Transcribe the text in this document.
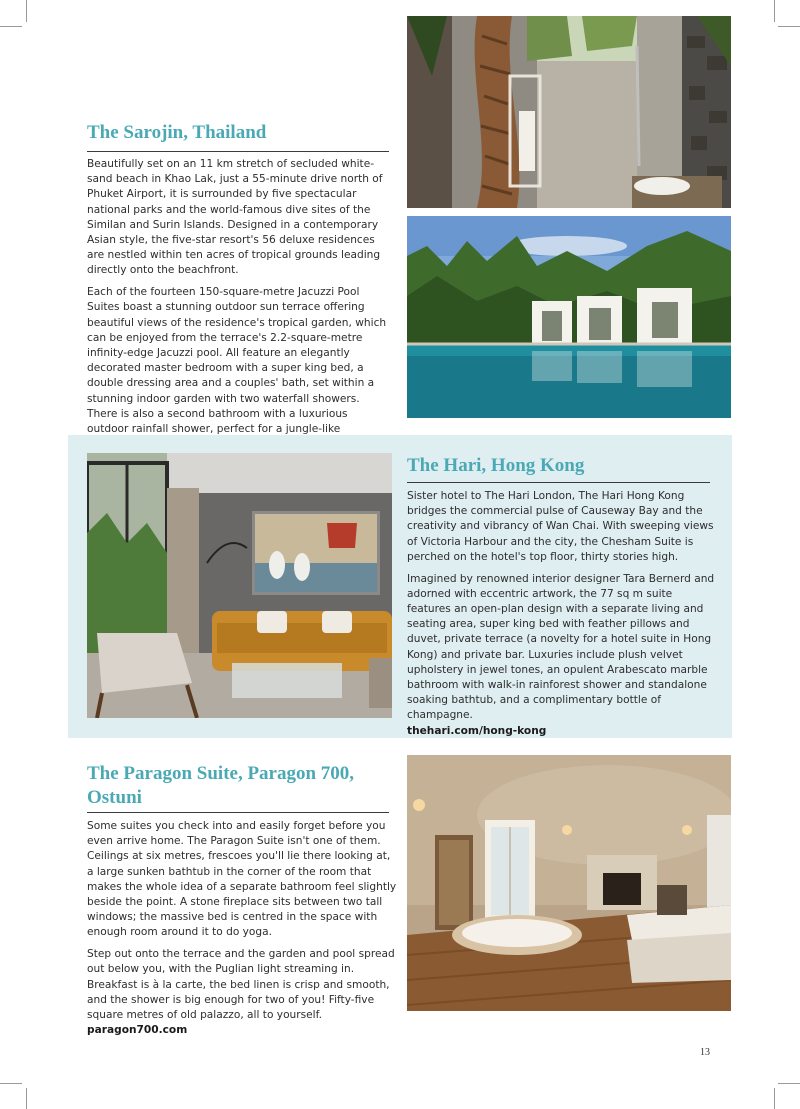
The Sarojin, Thailand

Beautifully set on an 11 km stretch of secluded white-sand beach in Khao Lak, just a 55-minute drive north of Phuket Airport, it is surrounded by five spectacular national parks and the world-famous dive sites of the Similan and Surin Islands. Designed in a contemporary Asian style, the five-star resort's 56 deluxe residences are nestled within ten acres of tropical grounds leading directly onto the beachfront.

Each of the fourteen 150-square-metre Jacuzzi Pool Suites boast a stunning outdoor sun terrace offering beautiful views of the residence's tropical garden, which can be enjoyed from the terrace's 2.2-square-metre infinity-edge Jacuzzi pool. All feature an elegantly decorated master bedroom with a super king bed, a double dressing area and a couples' bath, set within a stunning indoor garden with two waterfall showers. There is also a second bathroom with a luxurious outdoor rainfall shower, perfect for a jungle-like

The Hari, Hong Kong

Sister hotel to The Hari London, The Hari Hong Kong bridges the commercial pulse of Causeway Bay and the creativity and vibrancy of Wan Chai. With sweeping views of Victoria Harbour and the city, the Chesham Suite is perched on the hotel's top floor, thirty stories high.

Imagined by renowned interior designer Tara Bernerd and adorned with eccentric artwork, the 77 sq m suite features an open-plan design with a separate living and seating area, super king bed with feather pillows and duvet, private terrace (a novelty for a hotel suite in Hong Kong) and private bar. Luxuries include plush velvet upholstery in jewel tones, an opulent Arabescato marble bathroom with walk-in rainforest shower and standalone soaking bathtub, and a complimentary bottle of champagne.
thehari.com/hong-kong

The Paragon Suite, Paragon 700,
Ostuni

Some suites you check into and easily forget before you even arrive home. The Paragon Suite isn't one of them. Ceilings at six metres, frescoes you'll lie there looking at, a large sunken bathtub in the corner of the room that makes the whole idea of a separate bathroom feel slightly beside the point. A stone fireplace sits between two tall windows; the massive bed is centred in the space with enough room around it to do yoga.

Step out onto the terrace and the garden and pool spread out below you, with the Puglian light streaming in. Breakfast is à la carte, the bed linen is crisp and smooth, and the shower is big enough for two of you! Fifty-five square metres of old palazzo, all to yourself. paragon700.com

13
